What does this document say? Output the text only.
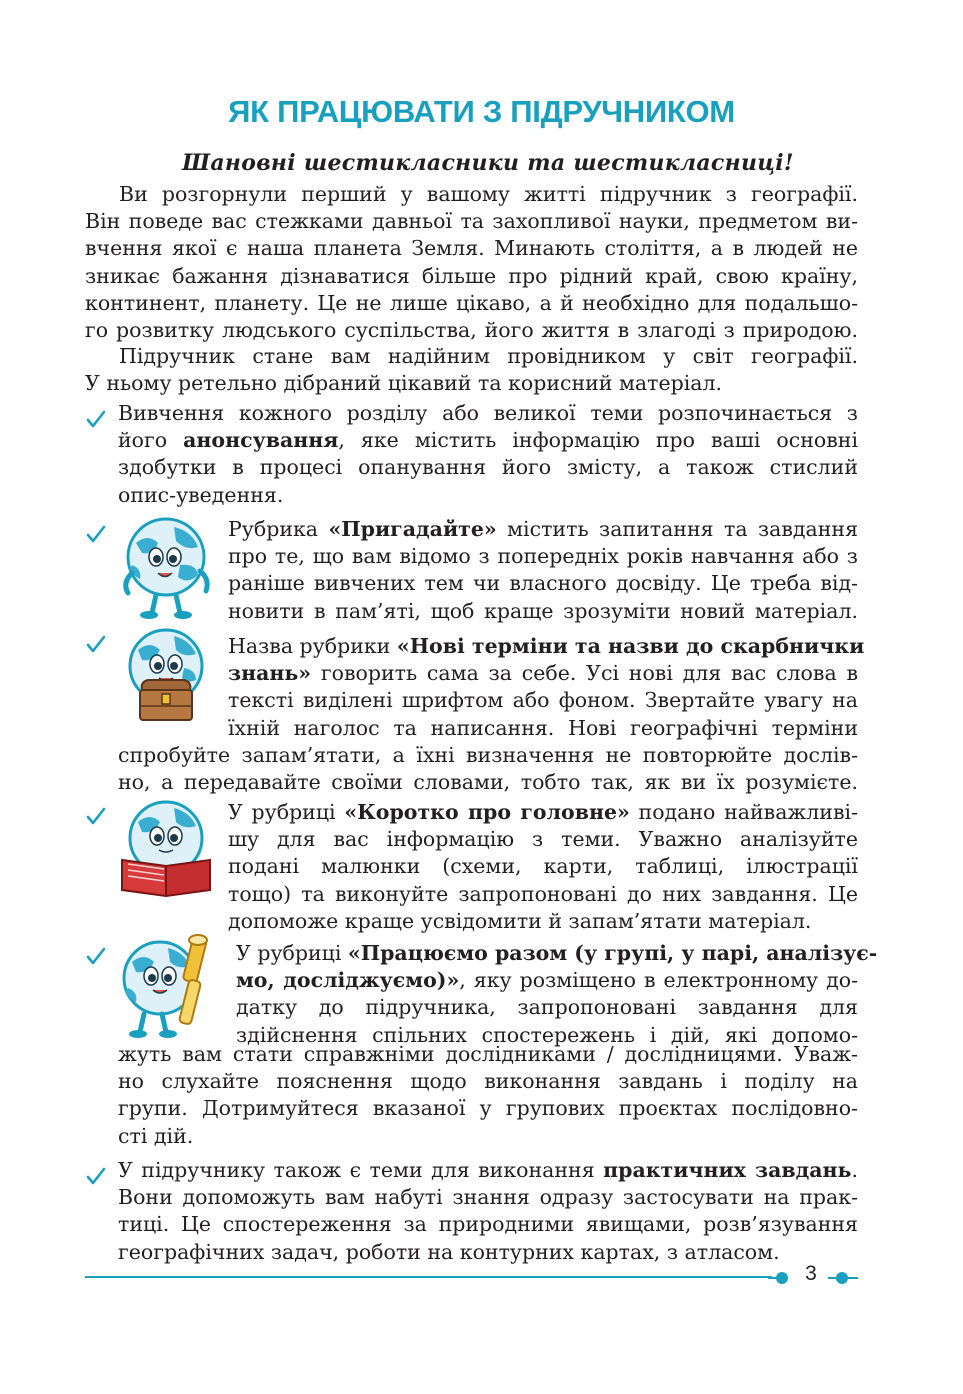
ЯК ПРАЦЮВАТИ З ПІДРУЧНИКОМ
Шановні шестикласники та шестикласниці!

Ви розгорнули перший у вашому житті підручник з географії.
Він поведе вас стежками давньої та захопливої науки, предметом ви-
вчення якої є наша планета Земля. Минають століття, а в людей не
зникає бажання дізнаватися більше про рідний край, свою країну,
континент, планету. Це не лише цікаво, а й необхідно для подальшо-
го розвитку людського суспільства, його життя в злагоді з природою.

Підручник стане вам надійним провідником у світ географії.
У ньому ретельно дібраний цікавий та корисний матеріал.

Вивчення кожного розділу або великої теми розпочинається з
його анонсування, яке містить інформацію про ваші основні
здобутки в процесі опанування його змісту, а також стислий
опис-уведення.

Рубрика «Пригадайте» містить запитання та завдання
про те, що вам відомо з попередніх років навчання або з
раніше вивчених тем чи власного досвіду. Це треба від-
новити в пам’яті, щоб краще зрозуміти новий матеріал.

Назва рубрики «Нові терміни та назви до скарбнички
знань» говорить сама за себе. Усі нові для вас слова в
тексті виділені шрифтом або фоном. Звертайте увагу на
їхній наголос та написання. Нові географічні терміни

спробуйте запам’ятати, а їхні визначення не повторюйте дослів-
но, а передавайте своїми словами, тобто так, як ви їх розумієте.

У рубриці «Коротко про головне» подано найважливі-
шу для вас інформацію з теми. Уважно аналізуйте
подані малюнки (схеми, карти, таблиці, ілюстрації
тощо) та виконуйте запропоновані до них завдання. Це
допоможе краще усвідомити й запам’ятати матеріал.

У рубриці «Працюємо разом (у групі, у парі, аналізує-
мо, досліджуємо)», яку розміщено в електронному до-
датку до підручника, запропоновані завдання для
здійснення спільних спостережень і дій, які допомо-

жуть вам стати справжніми дослідниками / дослідницями. Уваж-
но слухайте пояснення щодо виконання завдань і поділу на
групи. Дотримуйтеся вказаної у групових проєктах послідовно-
сті дій.

У підручнику також є теми для виконання практичних завдань.
Вони допоможуть вам набуті знання одразу застосувати на прак-
тиці. Це спостереження за природними явищами, розв’язування
географічних задач, роботи на контурних картах, з атласом.

3
